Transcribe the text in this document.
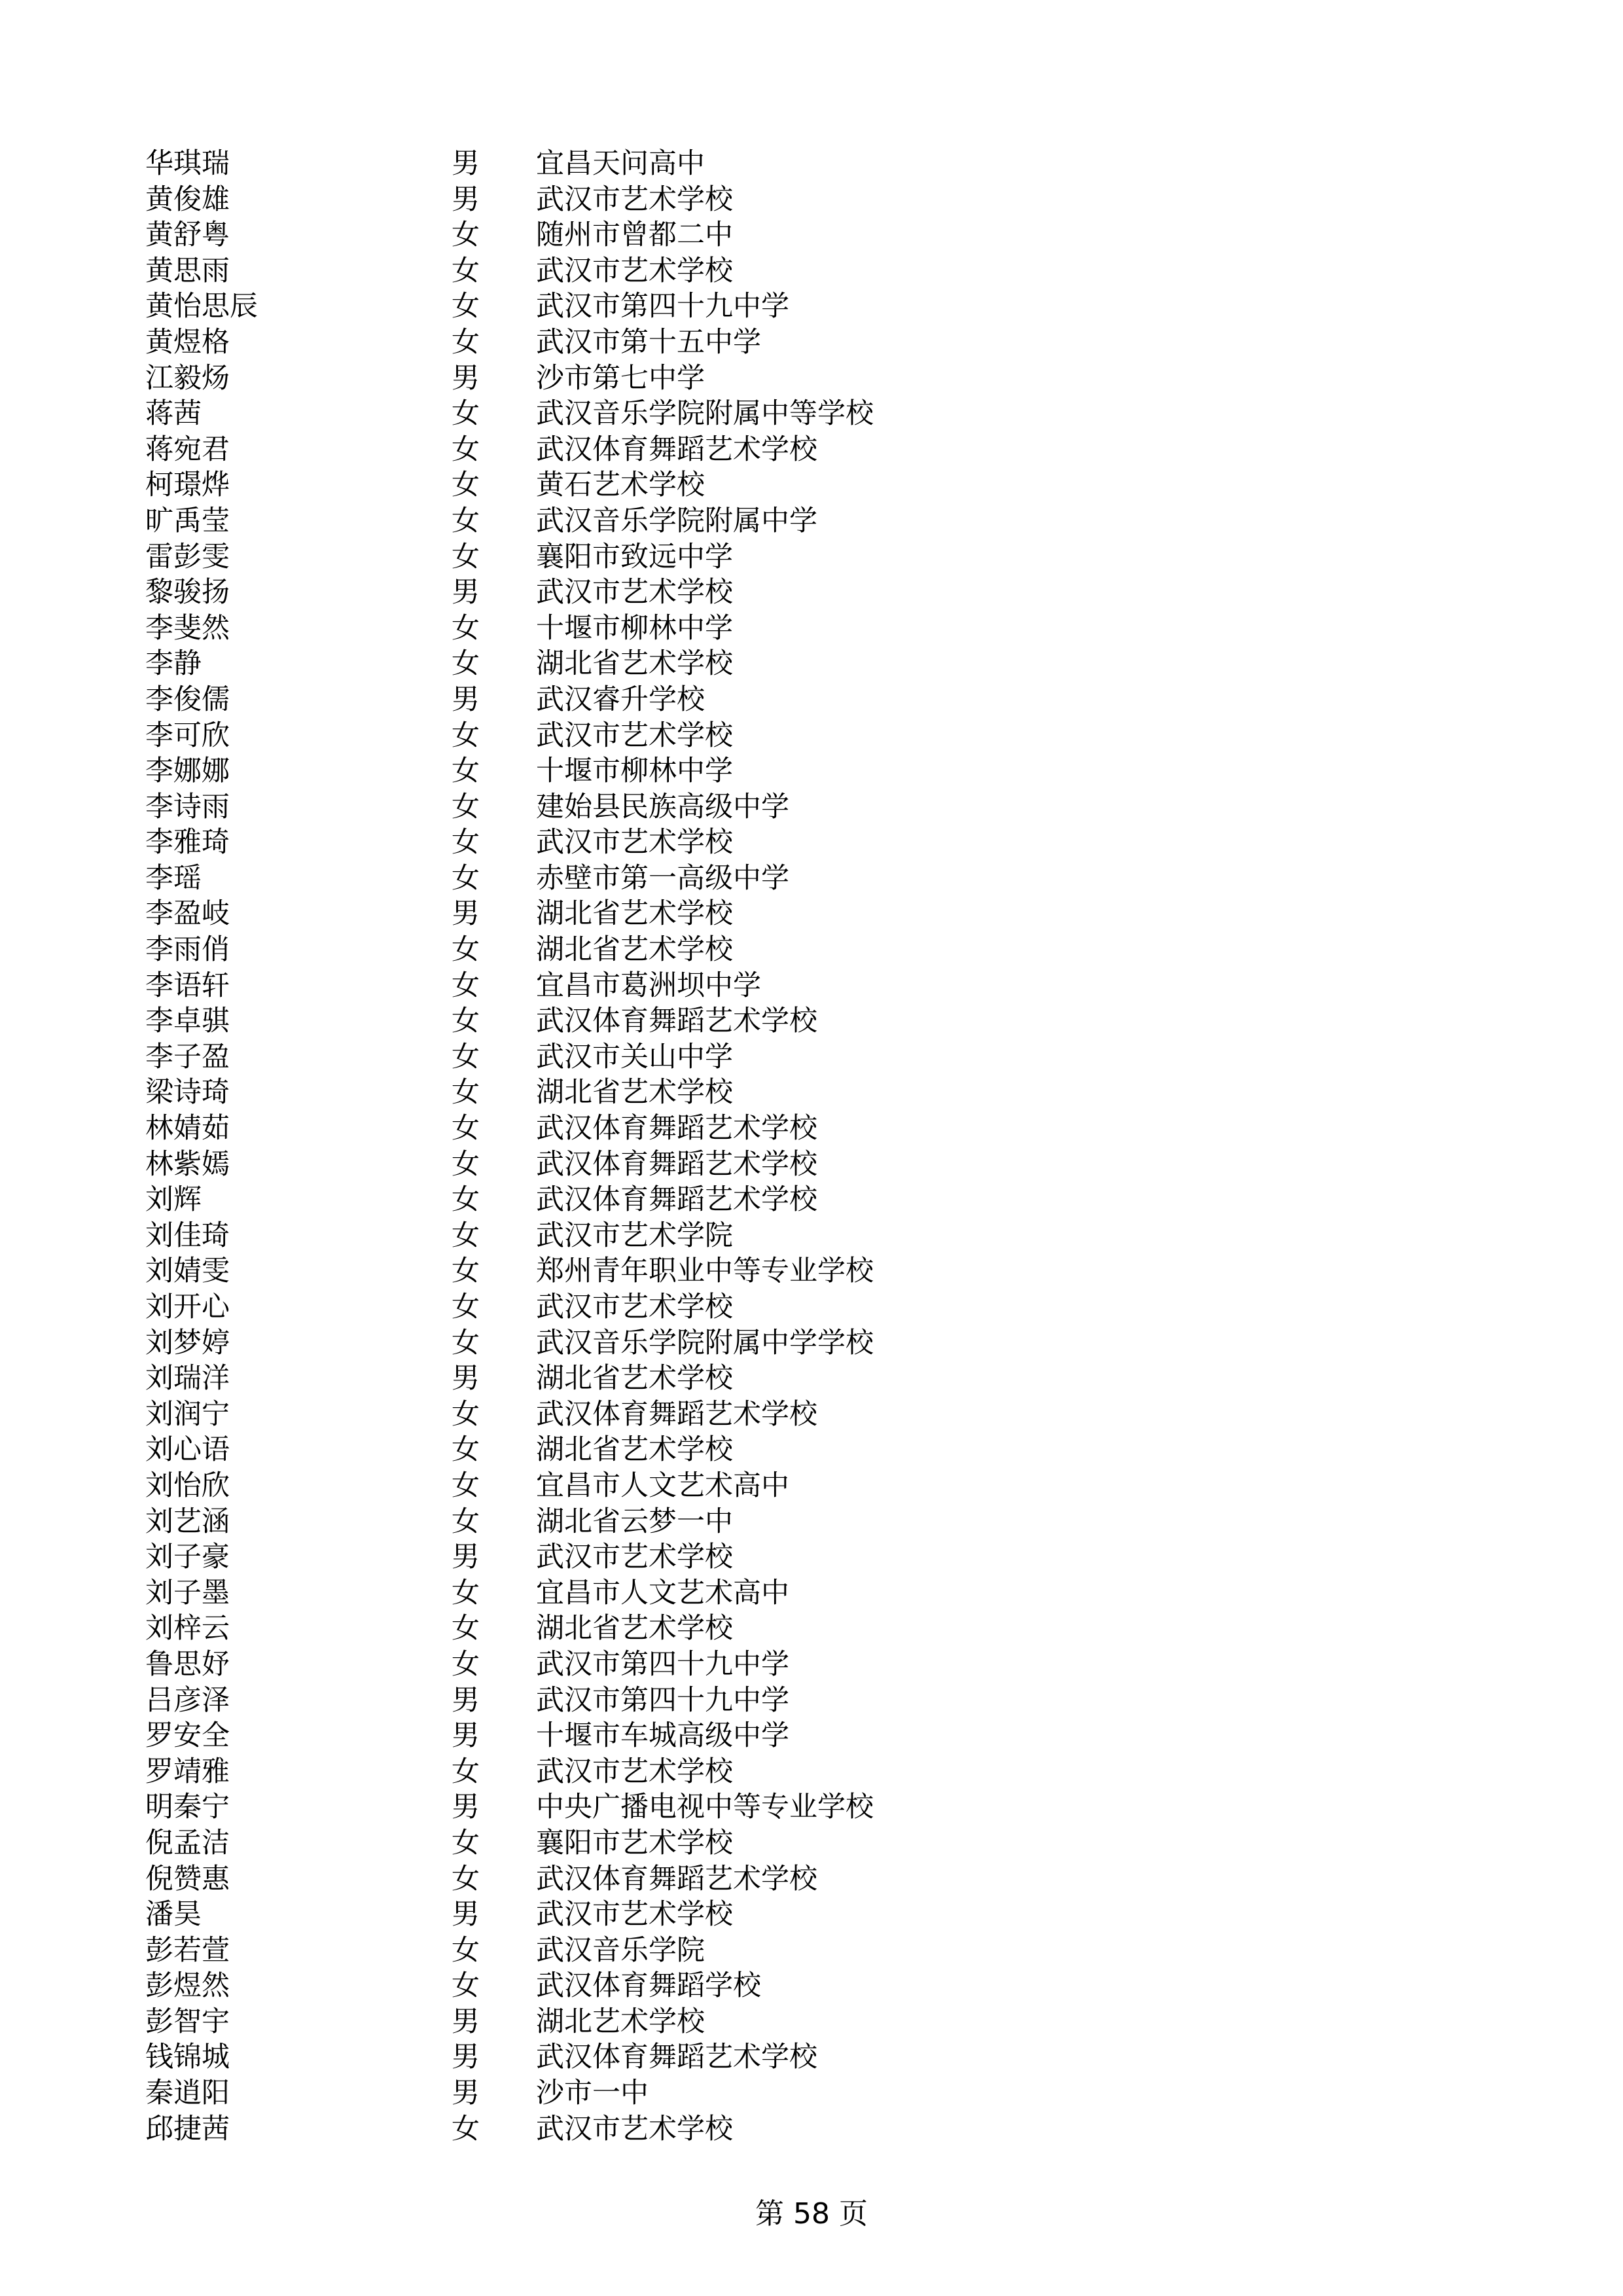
华琪瑞	男 宜昌天问高中
黄俊雄	男 武汉市艺术学校
黄舒粤	女 随州市曾都二中
黄思雨	女 武汉市艺术学校
黄怡思辰	女 武汉市第四十九中学
黄煜格	女 武汉市第十五中学
江毅炀	男 沙市第七中学
蒋茜	女 武汉音乐学院附属中等学校
蒋宛君	女 武汉体育舞蹈艺术学校
柯璟烨	女 黄石艺术学校
旷禹莹	女 武汉音乐学院附属中学
雷彭雯	女 襄阳市致远中学
黎骏扬	男 武汉市艺术学校
李斐然	女 十堰市柳林中学
李静	女 湖北省艺术学校
李俊儒	男 武汉睿升学校
李可欣	女 武汉市艺术学校
李娜娜	女 十堰市柳林中学
李诗雨	女 建始县民族高级中学
李雅琦	女 武汉市艺术学校
李瑶	女 赤壁市第一高级中学
李盈岐	男 湖北省艺术学校
李雨俏	女 湖北省艺术学校
李语轩	女 宜昌市葛洲坝中学
李卓骐	女 武汉体育舞蹈艺术学校
李子盈	女 武汉市关山中学
梁诗琦	女 湖北省艺术学校
林婧茹	女 武汉体育舞蹈艺术学校
林紫嫣	女 武汉体育舞蹈艺术学校
刘辉	女 武汉体育舞蹈艺术学校
刘佳琦	女 武汉市艺术学院
刘婧雯	女 郑州青年职业中等专业学校
刘开心	女 武汉市艺术学校
刘梦婷	女 武汉音乐学院附属中学学校
刘瑞洋	男 湖北省艺术学校
刘润宁	女 武汉体育舞蹈艺术学校
刘心语	女 湖北省艺术学校
刘怡欣	女 宜昌市人文艺术高中
刘艺涵	女 湖北省云梦一中
刘子豪	男 武汉市艺术学校
刘子墨	女 宜昌市人文艺术高中
刘梓云	女 湖北省艺术学校
鲁思妤	女 武汉市第四十九中学
吕彦泽	男 武汉市第四十九中学
罗安全	男 十堰市车城高级中学
罗靖雅	女 武汉市艺术学校
明秦宁	男 中央广播电视中等专业学校
倪孟洁	女 襄阳市艺术学校
倪赞惠	女 武汉体育舞蹈艺术学校
潘昊	男 武汉市艺术学校
彭若萱	女 武汉音乐学院
彭煜然	女 武汉体育舞蹈学校
彭智宇	男 湖北艺术学校
钱锦城	男 武汉体育舞蹈艺术学校
秦逍阳	男 沙市一中
邱捷茜	女 武汉市艺术学校
第 58 页
